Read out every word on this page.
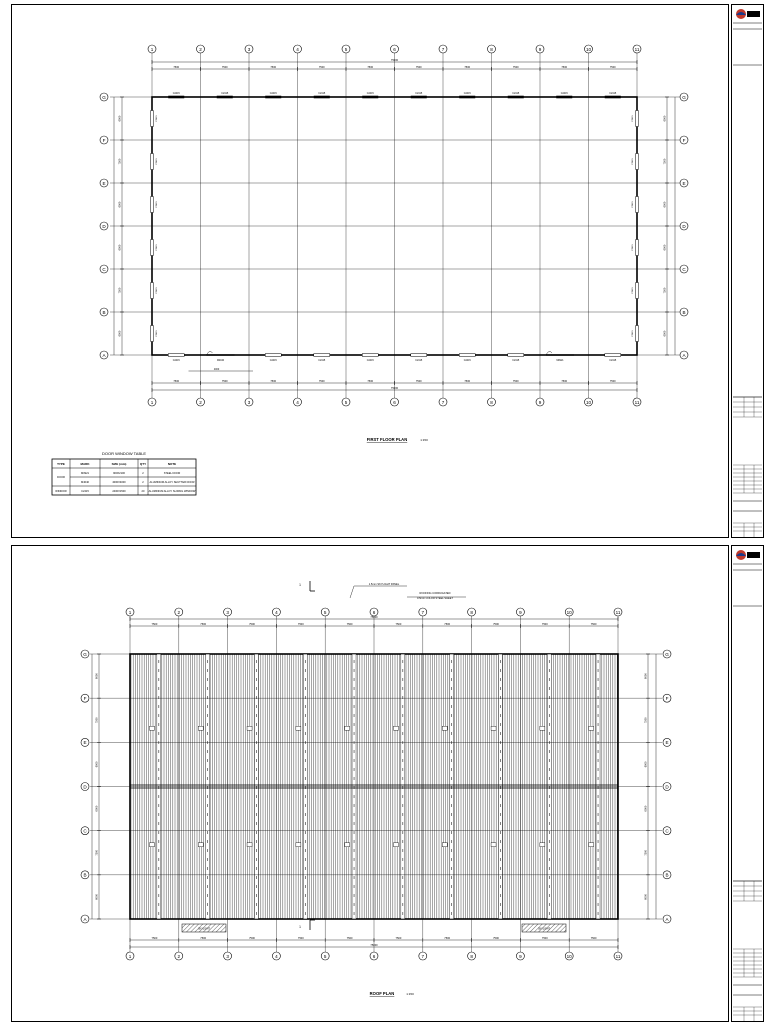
1
1
2
2
3
3
4
4
5
5
6
6
7
7
8
8
9
9
10
10
11
11
G	G
F	F
E	E
D	D
C	C
B	B
A	A
7500	7500	7500	7500	7500	7500	7500	7500	7500	7500
75000
7500	7500	7500	7500	7500	7500	7500	7500	7500	7500
75000
6000
7500
6000
6000
7500
6000
6000
7500
6000
6000
7500
6000
C2415
C2415
C2415	C2415
C2415
C2415
C2415
C2415
C2415
C2415
C2415
C2415
C2415
C2415
C2415
C2415	C2415
C2415
C2415	C2415
C2415	C2415
C2415	C2415
C2415	C2415
C2415	C2415
C2415	C2415
M4040	M0921
4000
FIRST FLOOR PLAN	1:150
DOOR WINDOW TABLE
TYPE	MARK	SIZE (mm)	QTY	NOTE
DOOR
M0921	900X2100	2	STEEL DOOR
M4040	4000X4000	2 ALUMINIUM ALLOY SHUTTER DOOR
WINDOW	C2415	2400X1500	20 ALUMINIUM ALLOY SLIDING WINDOW
1
1
2
2
3
3
4
4
5
5
6
6
7
7
8
8
9
9
10
10
11
11
G	G
F	F
E	E
D	D
C	C
B	B
A	A
7500	7500	7500	7500	7500	7500	7500	7500	7500	7500
75000
7500	7500	7500	7500	7500	7500	7500	7500	7500	7500
75000
6000
7500
6000
6000
7500
6000
6000
7500
6000
6000
7500
6000
1.5mm SKYLIGHT PANEL
ROOFING CORRUGATED
0.5mm COLOR STEEL SHEET
1
1
SKYLIGHT	SKYLIGHT
ROOF PLAN	1:150
